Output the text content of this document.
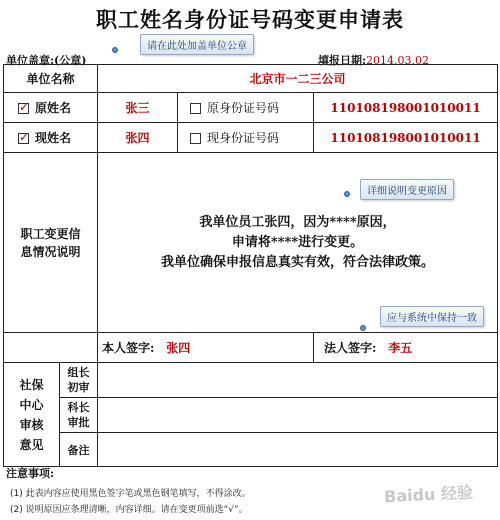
职工姓名身份证号码变更申请表
单位盖章:(公章)	填报日期:2014.03.02
请在此处加盖单位公章
单位名称		北京市一二三公司		
✓原姓名		张三	原身份证号码	110108198001010011
✓现姓名		张四	现身份证号码	110108198001010011
职工变更信息情况说明		我单位员工张四，因为****原因，
申请将****进行变更。
我单位确保申报信息真实有效，符合法律政策。		

		本人签字: 张四		法人签字: 李五
社保中心审核意见	组长初审			
	科长审批			
	备注			
详细说明变更原因
应与系统中保持一致
注意事项:
(1) 此表内容应使用黑色签字笔或黑色钢笔填写，不得涂改。
(2) 说明原因应条理清晰，内容详细。请在变更项前选“√”。
Baidu 经验
